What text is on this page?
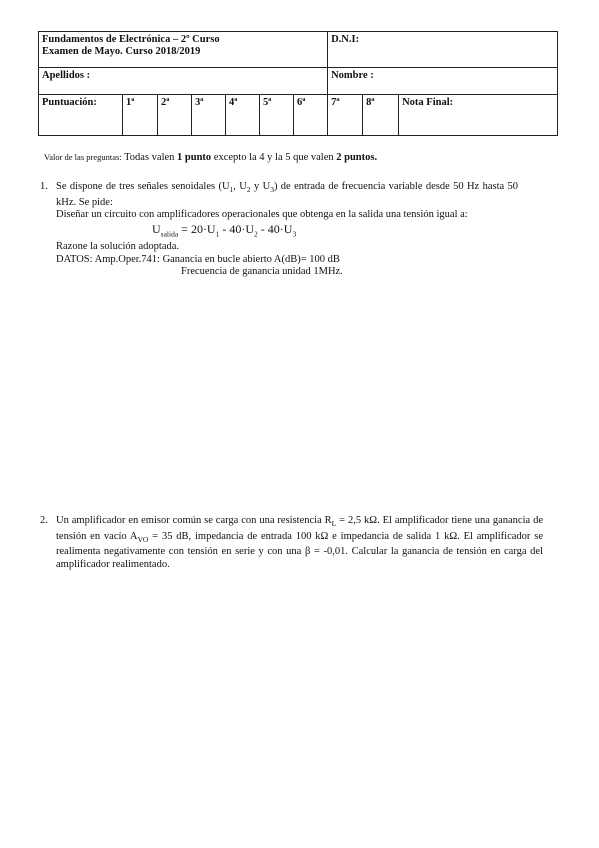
Fundamentos de Electrónica – 2º Curso
Examen de Mayo. Curso 2018/2019							D.N.I:		
Apellidos :							Nombre :		
Puntuación:	1ª	2ª	3ª	4ª	5ª	6ª	7ª	8ª	Nota Final:
Valor de las preguntas: Todas valen 1 punto excepto la 4 y la 5 que valen 2 puntos.
1. Se dispone de tres señales senoidales ($U_1$, $U_2$ y $U_3$) de entrada de frecuencia variable desde 50 Hz hasta 50 kHz. Se pide:
Diseñar un circuito con amplificadores operacionales que obtenga en la salida una tensión igual a:
$U_{salida} = 20\cdot U_1 - 40\cdot U_2 - 40\cdot U_3$
Razone la solución adoptada.
DATOS: Amp.Oper.741: Ganancia en bucle abierto A(dB)= 100 dB
Frecuencia de ganancia unidad 1MHz.
2. Un amplificador en emisor común se carga con una resistencia $R_L = 2,5$ kΩ. El amplificador tiene una ganancia de tensión en vacío $A_{VO} = 35$ dB, impedancia de entrada 100 kΩ e impedancia de salida 1 kΩ. El amplificador se realimenta negativamente con tensión en serie y con una β = -0,01. Calcular la ganancia de tensión en carga del amplificador realimentado.
